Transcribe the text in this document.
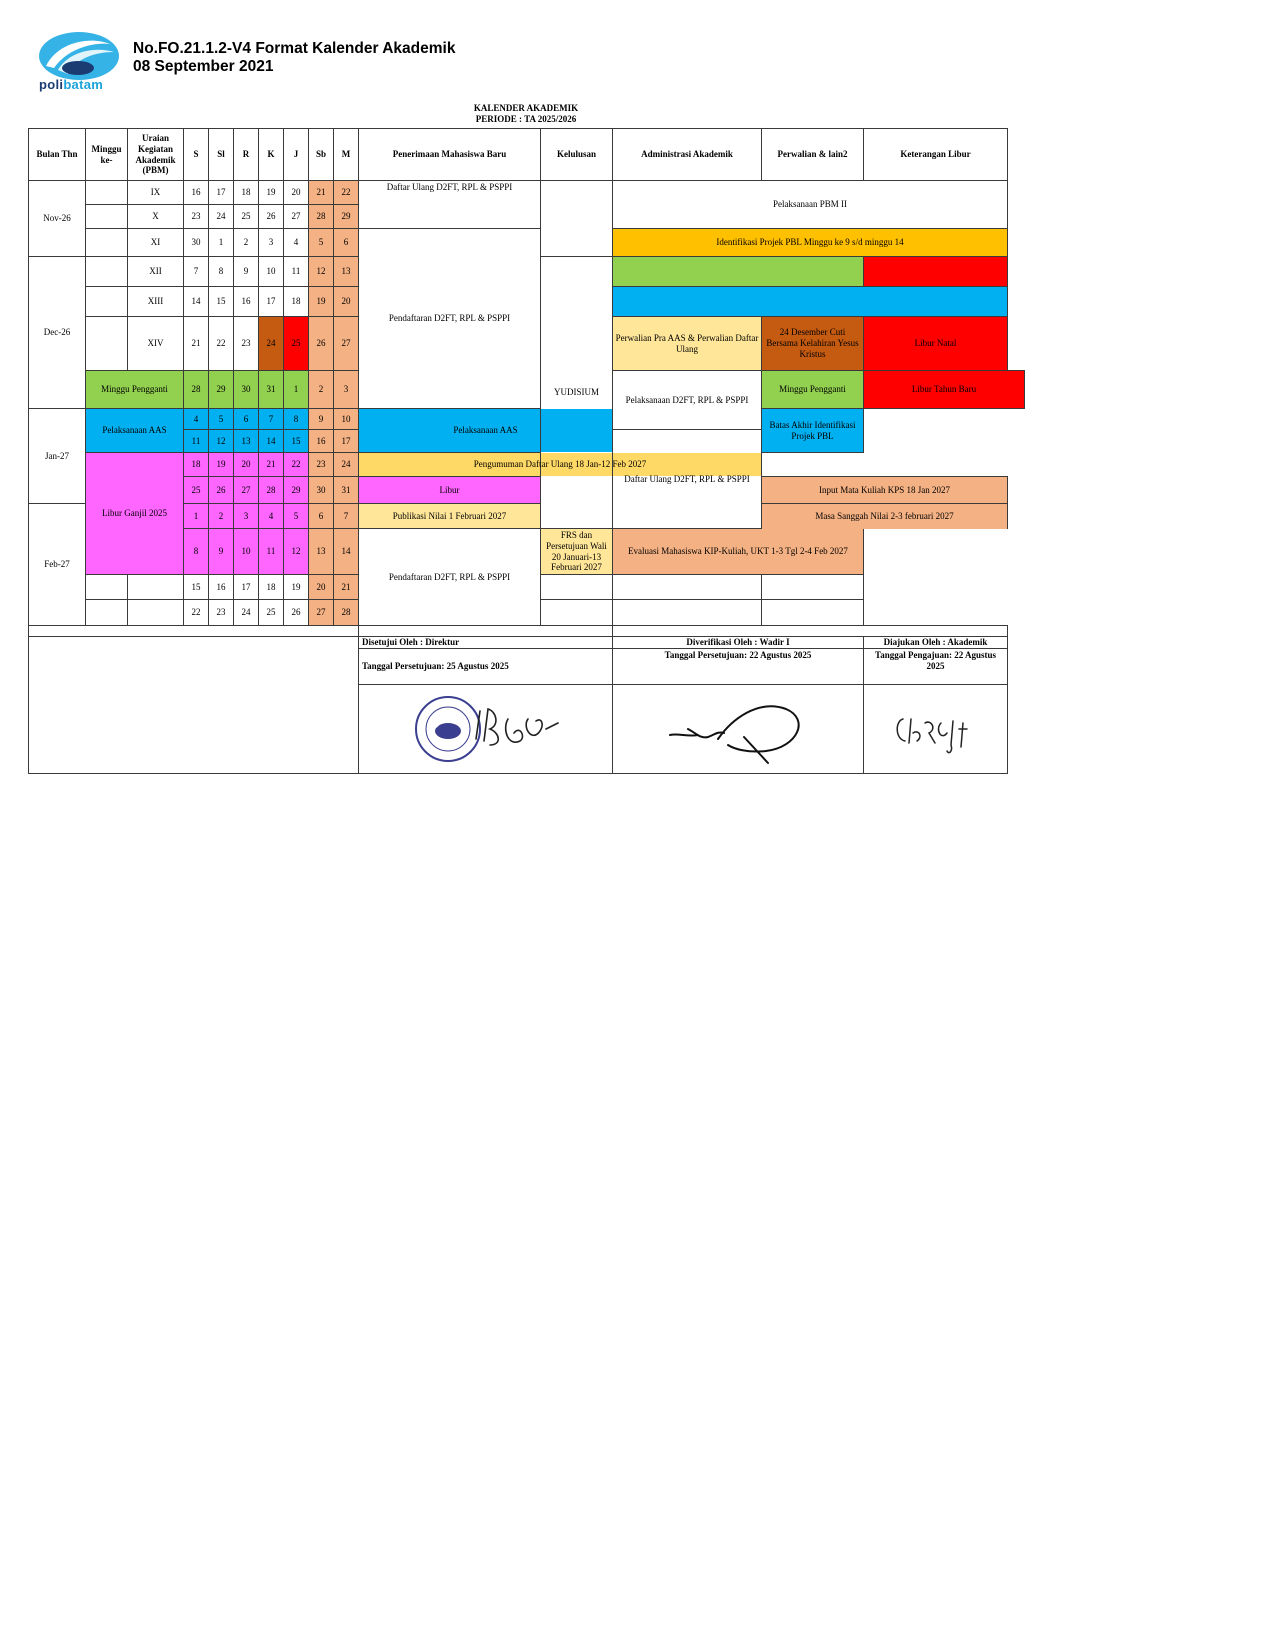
polibatam
No.FO.21.1.2-V4 Format Kalender Akademik
08 September 2021
KALENDER AKADEMIK
PERIODE : TA 2025/2026
Bulan Thn	Minggu ke-	Uraian Kegiatan Akademik (PBM)	S	Sl	R	K	J	Sb	M	Penerimaan Mahasiswa Baru	Kelulusan	Administrasi Akademik	Perwalian & lain2	Keterangan Libur
Nov-26		IX	16	17	18	19	20	21	22	Daftar Ulang D2FT, RPL & PSPPI		Pelaksanaan PBM II		
		X	23	24	25	26	27	28	29					
		XI	30	1	2	3	4	5	6	Pendaftaran D2FT, RPL & PSPPI		Identifikasi Projek PBL Minggu ke 9 s/d minggu 14		
Dec-26		XII	7	8	9	10	11	12	13		YUDISIUM			
		XIII	14	15	16	17	18	19	20					
		XIV	21	22	23	24	25	26	27			Perwalian Pra AAS & Perwalian Daftar Ulang	24 Desember Cuti Bersama Kelahiran Yesus Kristus	Libur Natal
	Minggu Pengganti		28	29	30	31	1	2	3			Pelaksanaan D2FT, RPL & PSPPI	Minggu Pengganti	Libur Tahun Baru
Jan-27	Pelaksanaan AAS		4	5	6	7	8	9	10	Pelaksanaan AAS			Batas Akhir Identifikasi Projek PBL	
			11	12	13	14	15	16	17			Daftar Ulang D2FT, RPL & PSPPI		
	Libur Ganjil 2025		18	19	20	21	22	23	24	Pengumuman Daftar Ulang 18 Jan-12 Feb 2027				
			25	26	27	28	29	30	31	Libur			Input Mata Kuliah KPS 18 Jan 2027	
Feb-27			1	2	3	4	5	6	7	Publikasi Nilai 1 Februari 2027			Masa Sanggah Nilai 2-3 februari 2027	
			8	9	10	11	12	13	14	Pendaftaran D2FT, RPL & PSPPI	FRS dan Persetujuan Wali 20 Januari-13 Februari 2027	Evaluasi Mahasiswa KIP-Kuliah, UKT 1-3 Tgl 2-4 Feb 2027		
			15	16	17	18	19	20	21					
			22	23	24	25	26	27	28					

										Disetujui Oleh : Direktur		Diverifikasi Oleh : Wadir I		Diajukan Oleh : Akademik
										Tanggal Persetujuan: 25 Agustus 2025		Tanggal Persetujuan: 22 Agustus 2025		Tanggal Pengajuan: 22 Agustus 2025
